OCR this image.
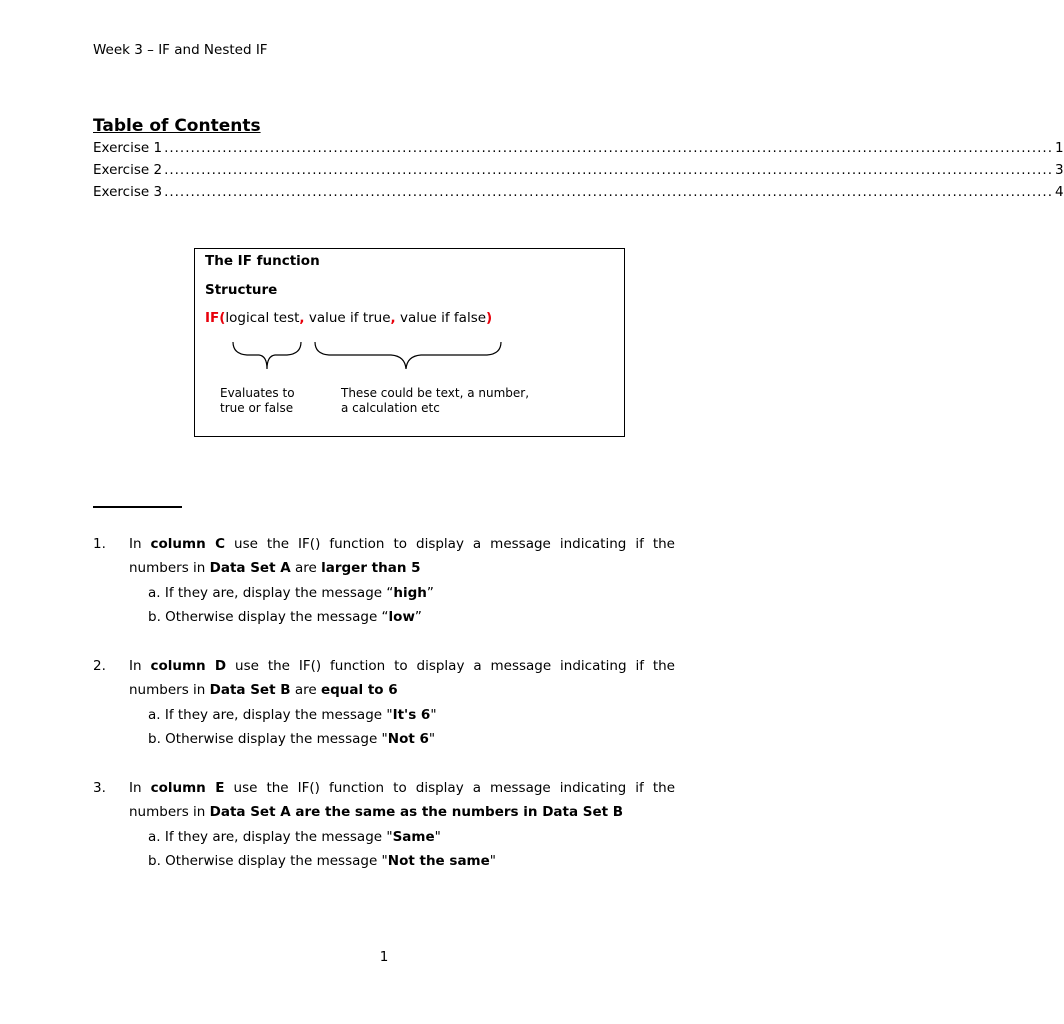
Week 3 – IF and Nested IF
Table of Contents
Exercise 1 ........................................................................................................................................................................ 1
Exercise 2 ........................................................................................................................................................................ 3
Exercise 3 ........................................................................................................................................................................ 4
The IF function
Structure
IF(logical test, value if true, value if false)
Evaluates to
true or false
These could be text, a number,
a calculation etc
1. In column C use the IF() function to display a message indicating if the numbers in Data Set A are larger than 5
a. If they are, display the message “high”
b. Otherwise display the message “low”
2. In column D use the IF() function to display a message indicating if the numbers in Data Set B are equal to 6
a. If they are, display the message "It's 6"
b. Otherwise display the message "Not 6"
3. In column E use the IF() function to display a message indicating if the numbers in Data Set A are the same as the numbers in Data Set B
a. If they are, display the message "Same"
b. Otherwise display the message "Not the same"
1
